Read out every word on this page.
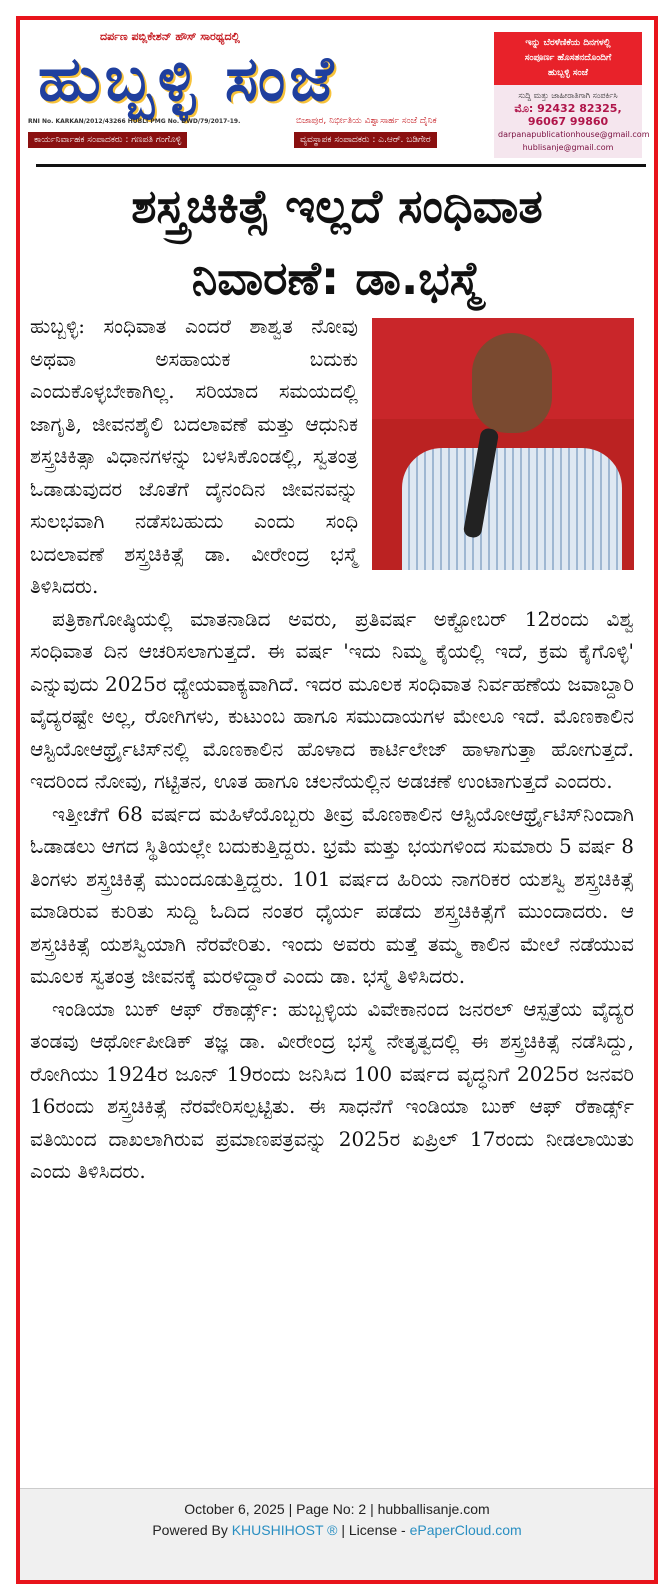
ದರ್ಪಣ ಪಬ್ಲಿಕೇಶನ್ ಹೌಸ್ ಸಾರಥ್ಯದಲ್ಲಿ
ಹುಬ್ಬಳ್ಳಿ ಸಂಜೆ
RNI No. KARKAN/2012/43266 HUBLI PMG No. DWD/79/2017-19.	ಬಿಜಾಪುರ, ನಿರ್ಭೀತಿಯ ವಿಶ್ವಾಸಾರ್ಹ ಸಂಜೆ ದೈನಿಕ
ಕಾರ್ಯನಿರ್ವಾಹಕ ಸಂಪಾದಕರು : ಗಣಪತಿ ಗಂಗೊಳ್ಳಿ	ವ್ಯವಸ್ಥಾಪಕ ಸಂಪಾದಕರು : ಎ.ಆರ್. ಬಡಿಗೇರ
ಇನ್ನು ಬೆರಳೆಣಿಕೆಯ ದಿನಗಳಲ್ಲಿ
ಸಂಪೂರ್ಣ ಹೊಸತನದೊಂದಿಗೆ
ಹುಬ್ಬಳ್ಳಿ ಸಂಜೆ
ಸುದ್ದಿ ಮತ್ತು ಜಾಹೀರಾತಿಗಾಗಿ ಸಂಪರ್ಕಿಸಿ
ಮೊ: 92432 82325,
96067 99860
darpanapublicationhouse@gmail.com
hublisanje@gmail.com
ಶಸ್ತ್ರಚಿಕಿತ್ಸೆ ಇಲ್ಲದೆ ಸಂಧಿವಾತ
ನಿವಾರಣೆ: ಡಾ.ಭಸ್ಮೆ

ಹುಬ್ಬಳ್ಳಿ: ಸಂಧಿವಾತ ಎಂದರೆ ಶಾಶ್ವತ ನೋವು ಅಥವಾ ಅಸಹಾಯಕ ಬದುಕು ಎಂದುಕೊಳ್ಳಬೇಕಾಗಿಲ್ಲ. ಸರಿಯಾದ ಸಮಯದಲ್ಲಿ ಜಾಗೃತಿ, ಜೀವನಶೈಲಿ ಬದಲಾವಣೆ ಮತ್ತು ಆಧುನಿಕ ಶಸ್ತ್ರಚಿಕಿತ್ಸಾ ವಿಧಾನಗಳನ್ನು ಬಳಸಿಕೊಂಡಲ್ಲಿ, ಸ್ವತಂತ್ರ ಓಡಾಡುವುದರ ಜೊತೆಗೆ ದೈನಂದಿನ ಜೀವನವನ್ನು ಸುಲಭವಾಗಿ ನಡೆಸಬಹುದು ಎಂದು ಸಂಧಿ ಬದಲಾವಣೆ ಶಸ್ತ್ರಚಿಕಿತ್ಸೆ ಡಾ. ವೀರೇಂದ್ರ ಭಸ್ಮೆ ತಿಳಿಸಿದರು.

ಪತ್ರಿಕಾಗೋಷ್ಠಿಯಲ್ಲಿ ಮಾತನಾಡಿದ ಅವರು, ಪ್ರತಿವರ್ಷ ಅಕ್ಟೋಬರ್ 12ರಂದು ವಿಶ್ವ ಸಂಧಿವಾತ ದಿನ ಆಚರಿಸಲಾಗುತ್ತದೆ. ಈ ವರ್ಷ 'ಇದು ನಿಮ್ಮ ಕೈಯಲ್ಲಿ ಇದೆ, ಕ್ರಮ ಕೈಗೊಳ್ಳಿ' ಎನ್ನುವುದು 2025ರ ಧ್ಯೇಯವಾಕ್ಯವಾಗಿದೆ. ಇದರ ಮೂಲಕ ಸಂಧಿವಾತ ನಿರ್ವಹಣೆಯ ಜವಾಬ್ದಾರಿ ವೈದ್ಯರಷ್ಟೇ ಅಲ್ಲ, ರೋಗಿಗಳು, ಕುಟುಂಬ ಹಾಗೂ ಸಮುದಾಯಗಳ ಮೇಲೂ ಇದೆ. ಮೊಣಕಾಲಿನ ಆಸ್ಟಿಯೋಆರ್ಥ್ರೈಟಿಸ್‌ನಲ್ಲಿ ಮೊಣಕಾಲಿನ ಹೊಳಾದ ಕಾರ್ಟಿಲೇಜ್ ಹಾಳಾಗುತ್ತಾ ಹೋಗುತ್ತದೆ. ಇದರಿಂದ ನೋವು, ಗಟ್ಟಿತನ, ಊತ ಹಾಗೂ ಚಲನೆಯಲ್ಲಿನ ಅಡಚಣೆ ಉಂಟಾಗುತ್ತದೆ ಎಂದರು.

ಇತ್ತೀಚೆಗೆ 68 ವರ್ಷದ ಮಹಿಳೆಯೊಬ್ಬರು ತೀವ್ರ ಮೊಣಕಾಲಿನ ಆಸ್ಟಿಯೋಆರ್ಥ್ರೈಟಿಸ್‌ನಿಂದಾಗಿ ಓಡಾಡಲು ಆಗದ ಸ್ಥಿತಿಯಲ್ಲೇ ಬದುಕುತ್ತಿದ್ದರು. ಭ್ರಮೆ ಮತ್ತು ಭಯಗಳಿಂದ ಸುಮಾರು 5 ವರ್ಷ 8 ತಿಂಗಳು ಶಸ್ತ್ರಚಿಕಿತ್ಸೆ ಮುಂದೂಡುತ್ತಿದ್ದರು. 101 ವರ್ಷದ ಹಿರಿಯ ನಾಗರಿಕರ ಯಶಸ್ವಿ ಶಸ್ತ್ರಚಿಕಿತ್ಸೆ ಮಾಡಿರುವ ಕುರಿತು ಸುದ್ದಿ ಓದಿದ ನಂತರ ಧೈರ್ಯ ಪಡೆದು ಶಸ್ತ್ರಚಿಕಿತ್ಸೆಗೆ ಮುಂದಾದರು. ಆ ಶಸ್ತ್ರಚಿಕಿತ್ಸೆ ಯಶಸ್ವಿಯಾಗಿ ನೆರವೇರಿತು. ಇಂದು ಅವರು ಮತ್ತೆ ತಮ್ಮ ಕಾಲಿನ ಮೇಲೆ ನಡೆಯುವ ಮೂಲಕ ಸ್ವತಂತ್ರ ಜೀವನಕ್ಕೆ ಮರಳಿದ್ದಾರೆ ಎಂದು ಡಾ. ಭಸ್ಮೆ ತಿಳಿಸಿದರು.

ಇಂಡಿಯಾ ಬುಕ್ ಆಫ್ ರೆಕಾರ್ಡ್ಸ್: ಹುಬ್ಬಳ್ಳಿಯ ವಿವೇಕಾನಂದ ಜನರಲ್ ಆಸ್ಪತ್ರೆಯ ವೈದ್ಯರ ತಂಡವು ಆರ್ಥೋಪೀಡಿಕ್ ತಜ್ಞ ಡಾ. ವೀರೇಂದ್ರ ಭಸ್ಮೆ ನೇತೃತ್ವದಲ್ಲಿ ಈ ಶಸ್ತ್ರಚಿಕಿತ್ಸೆ ನಡೆಸಿದ್ದು, ರೋಗಿಯು 1924ರ ಜೂನ್ 19ರಂದು ಜನಿಸಿದ 100 ವರ್ಷದ ವೃದ್ಧನಿಗೆ 2025ರ ಜನವರಿ 16ರಂದು ಶಸ್ತ್ರಚಿಕಿತ್ಸೆ ನೆರವೇರಿಸಲ್ಪಟ್ಟಿತು. ಈ ಸಾಧನೆಗೆ ಇಂಡಿಯಾ ಬುಕ್ ಆಫ್ ರೆಕಾರ್ಡ್ಸ್ ವತಿಯಿಂದ ದಾಖಲಾಗಿರುವ ಪ್ರಮಾಣಪತ್ರವನ್ನು 2025ರ ಏಪ್ರಿಲ್ 17ರಂದು ನೀಡಲಾಯಿತು ಎಂದು ತಿಳಿಸಿದರು.

October 6, 2025 | Page No: 2 | hubballisanje.com
Powered By KHUSHIHOST ® | License - ePaperCloud.com
